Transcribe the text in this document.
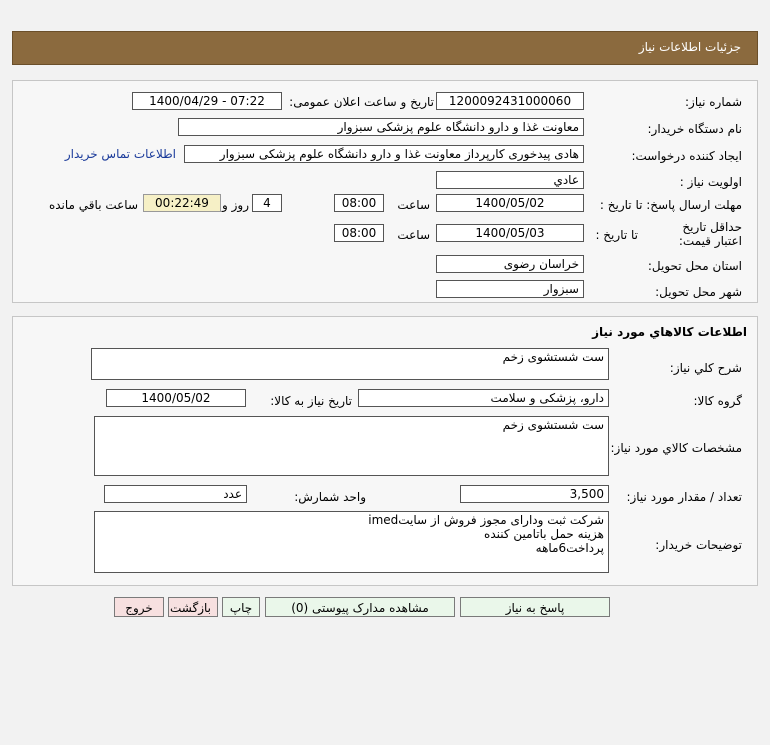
جزئیات اطلاعات نیاز
شماره نیاز:
1200092431000060
تاریخ و ساعت اعلان عمومی:
1400/04/29 - 07:22
نام دستگاه خریدار:
معاونت غذا و دارو دانشگاه علوم پزشکی سبزوار
ایجاد کننده درخواست:
هادی پیدخوری کارپرداز معاونت غذا و دارو دانشگاه علوم پزشکی سبزوار
اطلاعات تماس خریدار
اولویت نیاز :
عادي
مهلت ارسال پاسخ: تا تاریخ :
1400/05/02
ساعت
08:00
4
روز و
00:22:49
ساعت باقي مانده
حداقل تاریخ اعتبار قیمت:
تا تاریخ :
1400/05/03
ساعت
08:00
استان محل تحویل:
خراسان رضوی
شهر محل تحویل:
سبزوار
اطلاعات كالاهاي مورد نياز
شرح كلي نياز:
ست شستشوی زخم
گروه كالا:
دارو، پزشکی و سلامت
تاریخ نیاز به کالا:
1400/05/02
مشخصات كالاي مورد نياز:
ست شستشوی زخم
تعداد / مقدار مورد نیاز:
3,500
واحد شمارش:
عدد
توضیحات خریدار:
شرکت ثبت ودارای مجوز فروش از سایتimed
هزینه حمل باتامین کننده
پرداخت6ماهه
پاسخ به نیاز
مشاهده مدارک پیوستی (0)
چاپ
بازگشت
خروج
